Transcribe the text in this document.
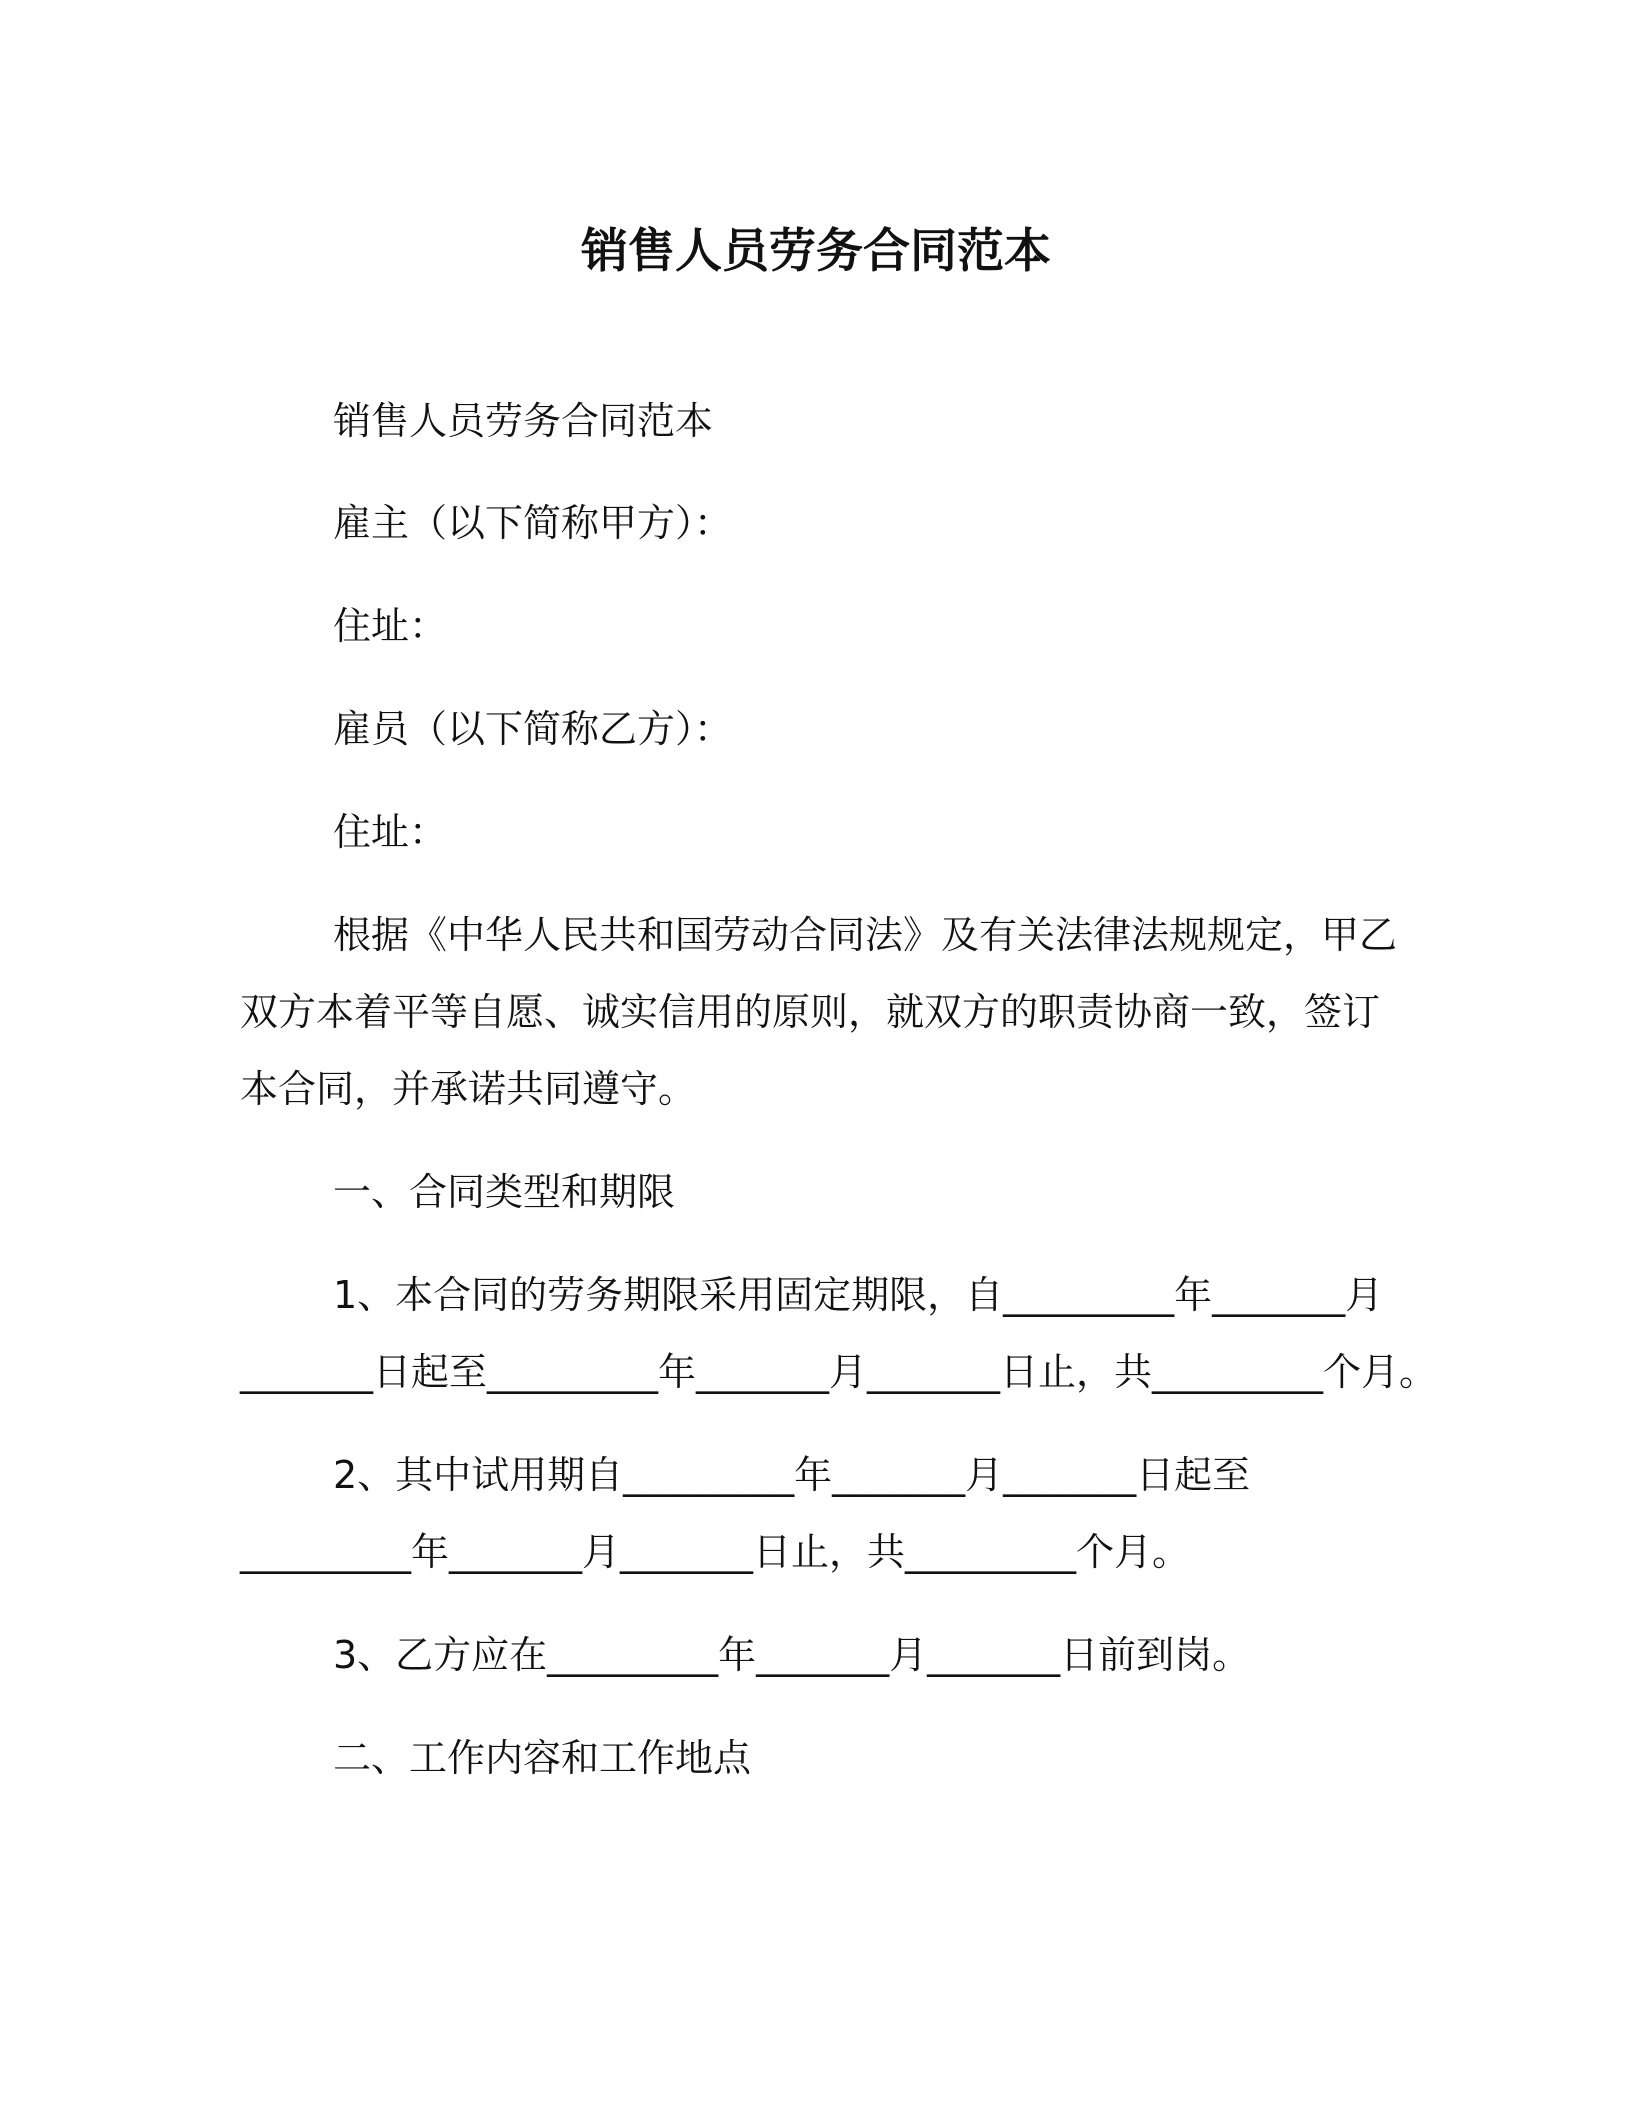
销售人员劳务合同范本
销售人员劳务合同范本
雇主（以下简称甲方）：
住址：
雇员（以下简称乙方）：
住址：
根据《中华人民共和国劳动合同法》及有关法律法规规定，甲乙
双方本着平等自愿、诚实信用的原则，就双方的职责协商一致，签订
本合同，并承诺共同遵守。
一、合同类型和期限
1、本合同的劳务期限采用固定期限，自_________年_______月
_______日起至_________年_______月_______日止，共_________个月。
2、其中试用期自_________年_______月_______日起至
_________年_______月_______日止，共_________个月。
3、乙方应在_________年_______月_______日前到岗。
二、工作内容和工作地点
